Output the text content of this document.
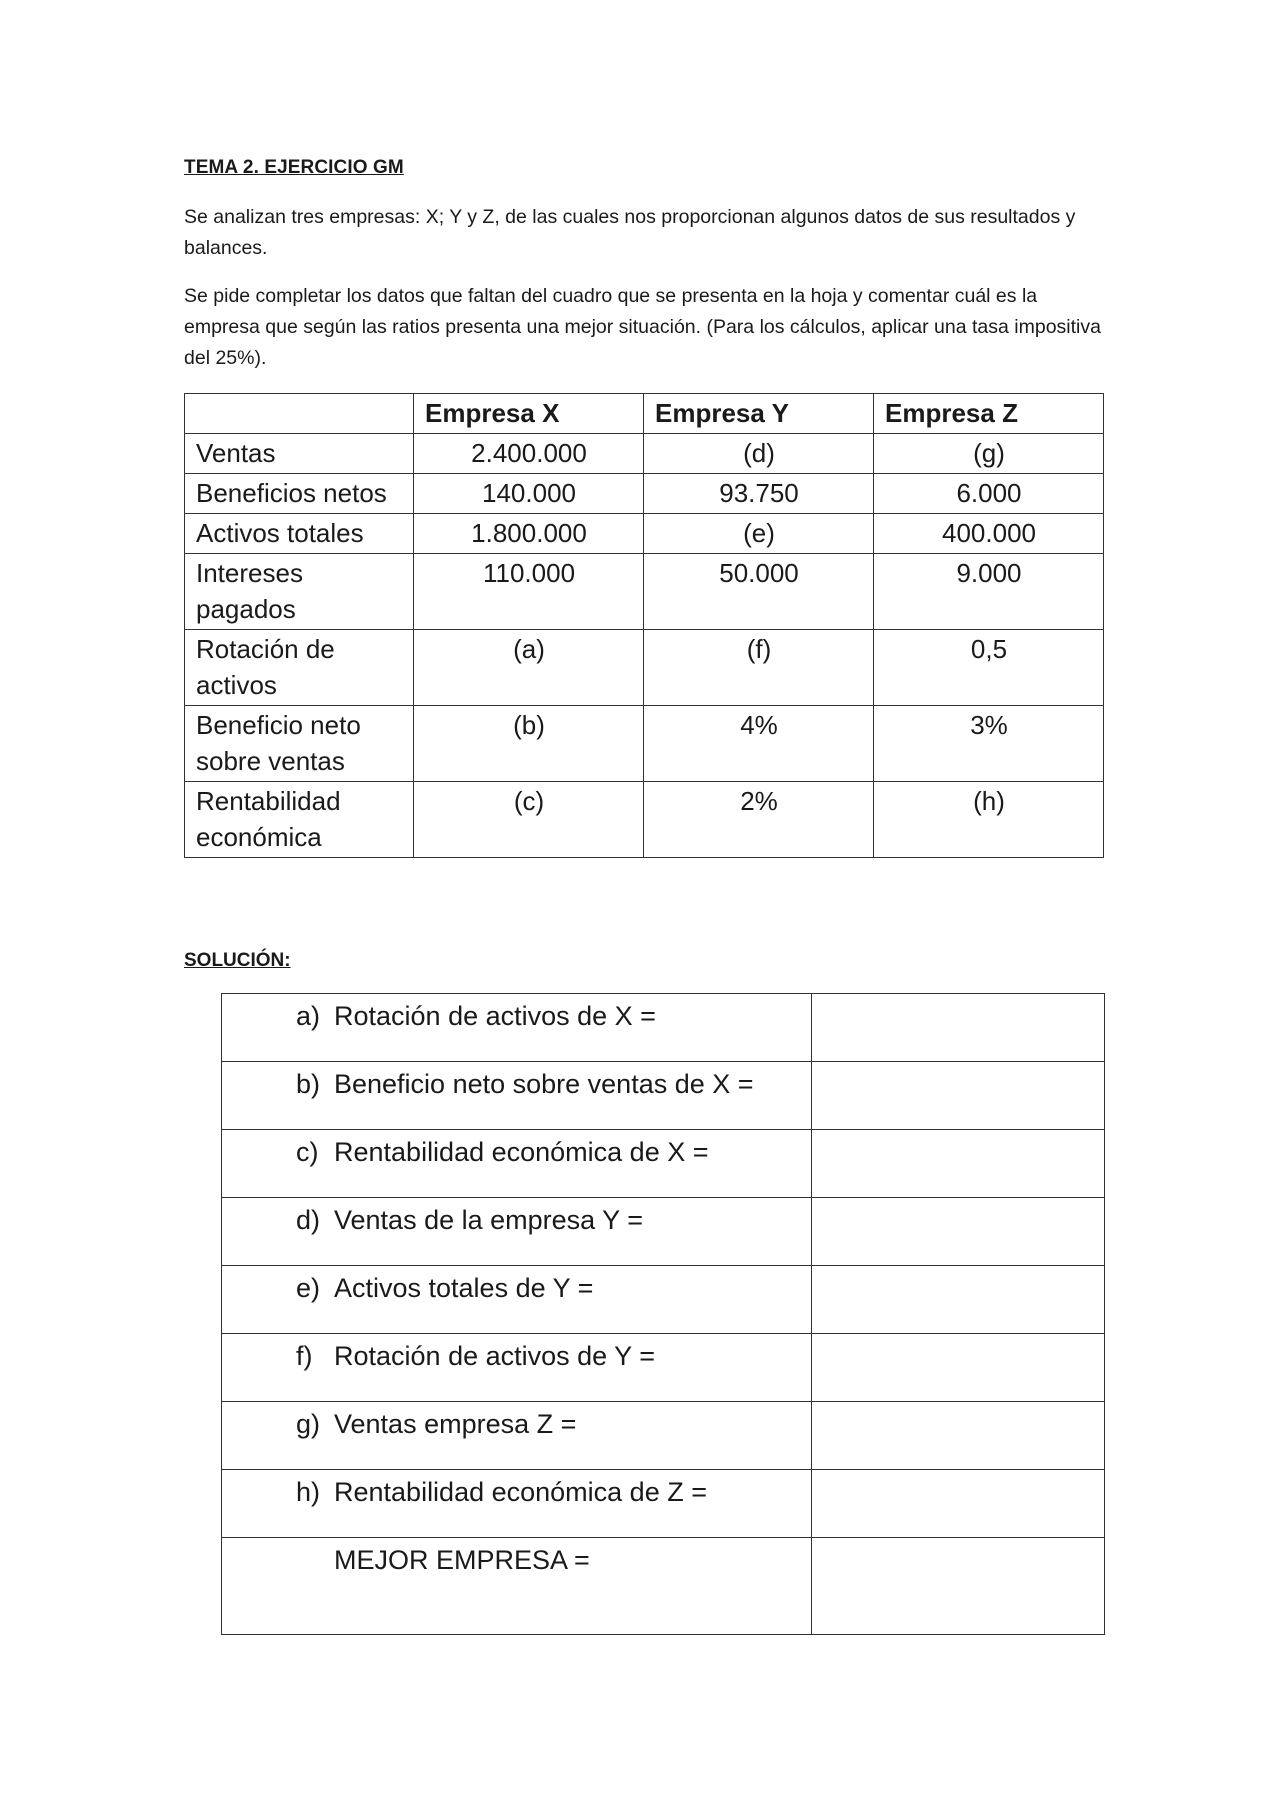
TEMA 2. EJERCICIO GM

Se analizan tres empresas: X; Y y Z, de las cuales nos proporcionan algunos datos de sus resultados y balances.

Se pide completar los datos que faltan del cuadro que se presenta en la hoja y comentar cuál es la empresa que según las ratios presenta una mejor situación. (Para los cálculos, aplicar una tasa impositiva del 25%).

	Empresa X	Empresa Y	Empresa Z
Ventas	2.400.000	(d)	(g)
Beneficios netos	140.000	93.750	6.000
Activos totales	1.800.000	(e)	400.000
Intereses pagados	110.000	50.000	9.000
Rotación de activos	(a)	(f)	0,5
Beneficio neto sobre ventas	(b)	4%	3%
Rentabilidad económica	(c)	2%	(h)
SOLUCIÓN:
a) Rotación de activos de X =	

b) Beneficio neto sobre ventas de X =	

c) Rentabilidad económica de X =	

d) Ventas de la empresa Y =	

e) Activos totales de Y =	

f) Rotación de activos de Y =	

g) Ventas empresa Z =	

h) Rentabilidad económica de Z =	

MEJOR EMPRESA =	
